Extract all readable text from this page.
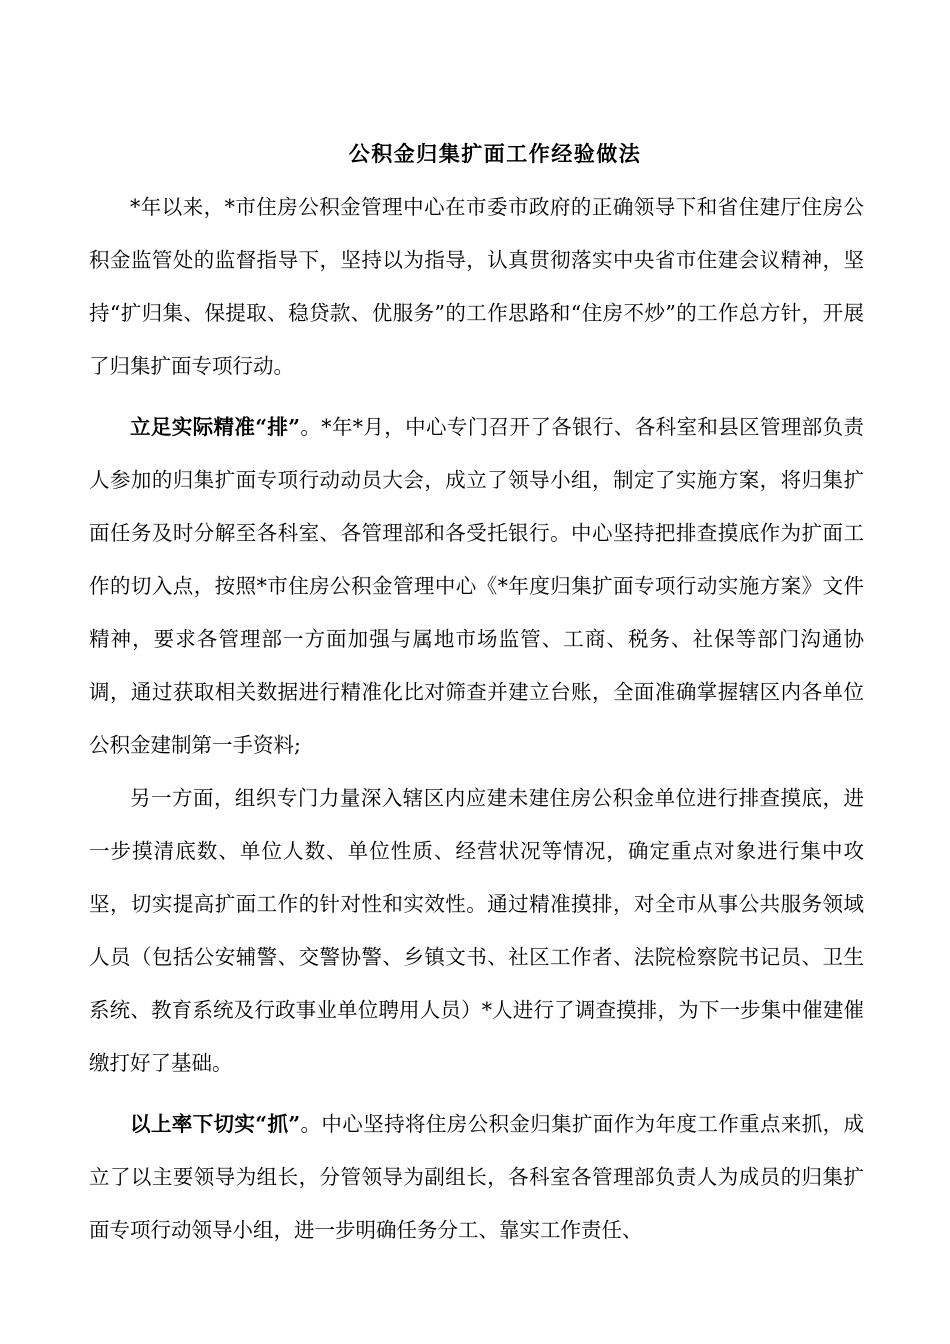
公积金归集扩面工作经验做法

*年以来，*市住房公积金管理中心在市委市政府的正确领导下和省住建厅住房公积金监管处的监督指导下，坚持以为指导，认真贯彻落实中央省市住建会议精神，坚持“扩归集、保提取、稳贷款、优服务”的工作思路和“住房不炒”的工作总方针，开展了归集扩面专项行动。

立足实际精准“排”。*年*月，中心专门召开了各银行、各科室和县区管理部负责人参加的归集扩面专项行动动员大会，成立了领导小组，制定了实施方案，将归集扩面任务及时分解至各科室、各管理部和各受托银行。中心坚持把排查摸底作为扩面工作的切入点，按照*市住房公积金管理中心《*年度归集扩面专项行动实施方案》文件精神，要求各管理部一方面加强与属地市场监管、工商、税务、社保等部门沟通协调，通过获取相关数据进行精准化比对筛查并建立台账，全面准确掌握辖区内各单位公积金建制第一手资料;

另一方面，组织专门力量深入辖区内应建未建住房公积金单位进行排查摸底，进一步摸清底数、单位人数、单位性质、经营状况等情况，确定重点对象进行集中攻坚，切实提高扩面工作的针对性和实效性。通过精准摸排，对全市从事公共服务领域人员（包括公安辅警、交警协警、乡镇文书、社区工作者、法院检察院书记员、卫生系统、教育系统及行政事业单位聘用人员）*人进行了调查摸排，为下一步集中催建催缴打好了基础。

以上率下切实“抓”。中心坚持将住房公积金归集扩面作为年度工作重点来抓，成立了以主要领导为组长，分管领导为副组长，各科室各管理部负责人为成员的归集扩面专项行动领导小组，进一步明确任务分工、靠实工作责任、
